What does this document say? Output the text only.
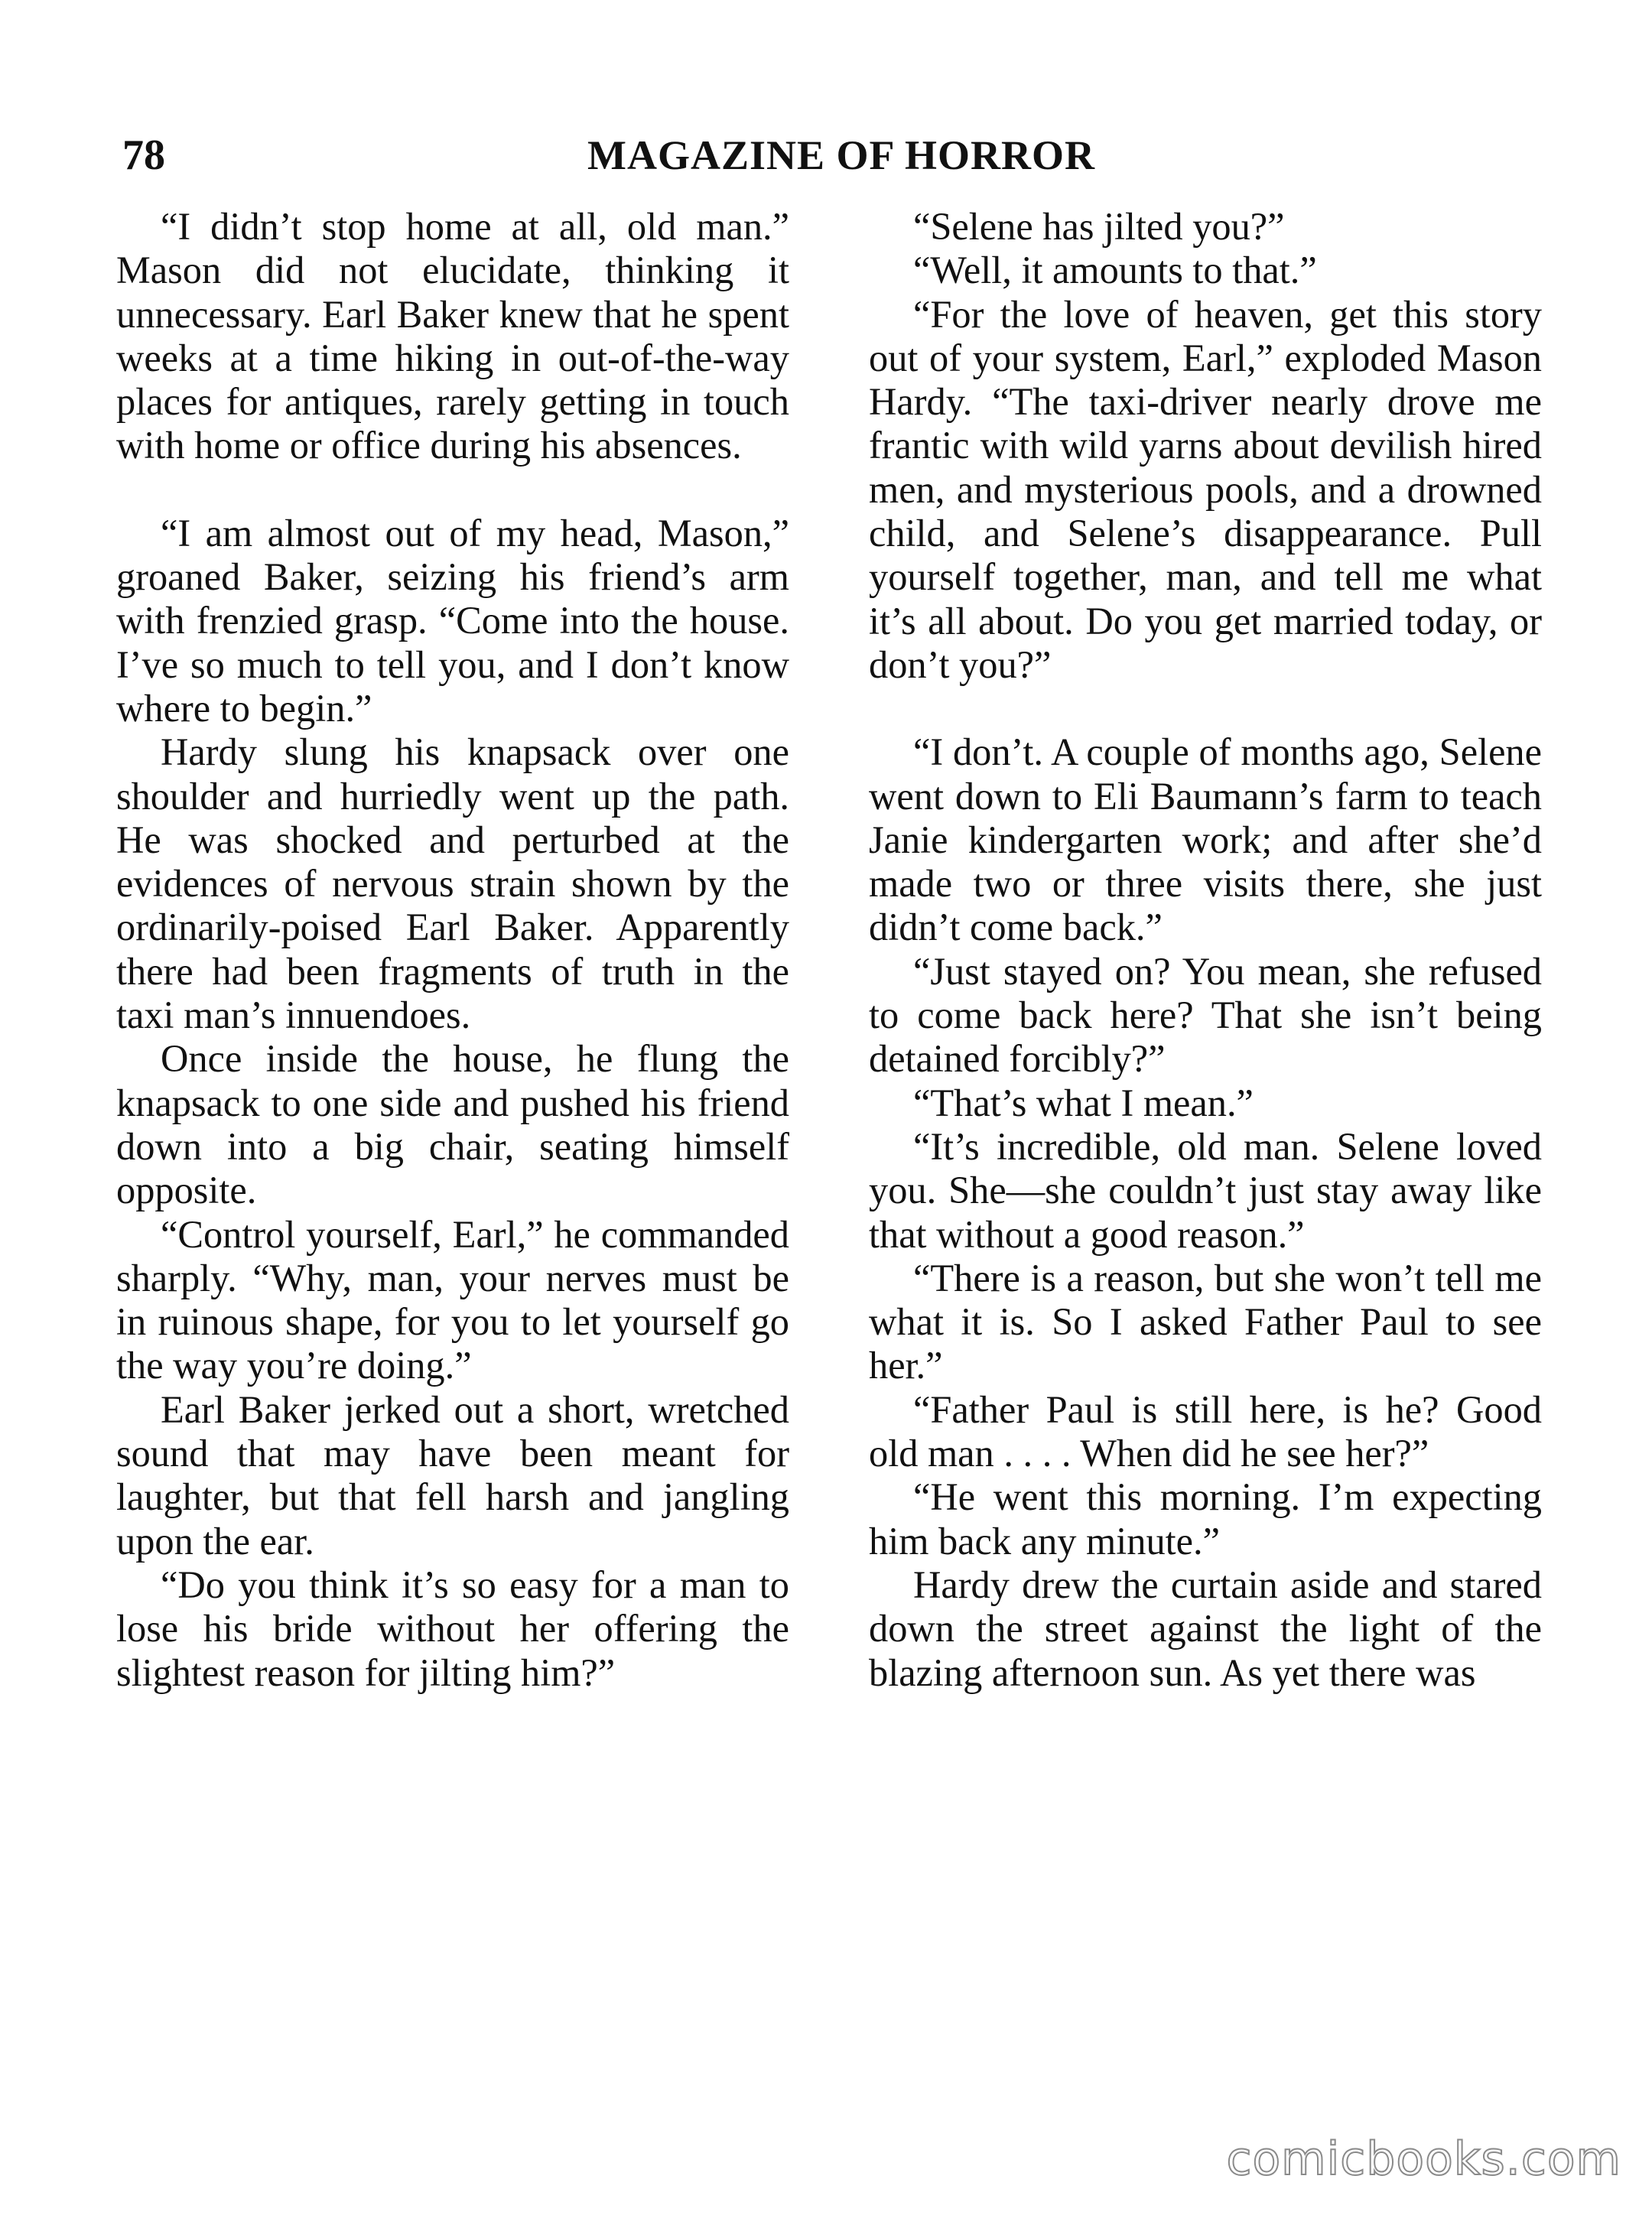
78	MAGAZINE OF HORROR

“I didn’t stop home at all, old man.” Mason did not elucidate, thinking it unnecessary. Earl Baker knew that he spent weeks at a time hiking in out-of-the-way places for antiques, rarely getting in touch with home or office during his absences.

“I am almost out of my head, Mason,” groaned Baker, seizing his friend’s arm with frenzied grasp. “Come into the house. I’ve so much to tell you, and I don’t know where to begin.”

Hardy slung his knapsack over one shoulder and hurriedly went up the path. He was shocked and perturbed at the evidences of nervous strain shown by the ordinarily-poised Earl Baker. Apparently there had been fragments of truth in the taxi man’s innuendoes.

Once inside the house, he flung the knapsack to one side and pushed his friend down into a big chair, seating himself opposite.

“Control yourself, Earl,” he commanded sharply. “Why, man, your nerves must be in ruinous shape, for you to let yourself go the way you’re doing.”

Earl Baker jerked out a short, wretched sound that may have been meant for laughter, but that fell harsh and jangling upon the ear.

“Do you think it’s so easy for a man to lose his bride without her offering the slightest reason for jilting him?”

“Selene has jilted you?”

“Well, it amounts to that.”

“For the love of heaven, get this story out of your system, Earl,” exploded Mason Hardy. “The taxi-driver nearly drove me frantic with wild yarns about devilish hired men, and mysterious pools, and a drowned child, and Selene’s disappearance. Pull yourself together, man, and tell me what it’s all about. Do you get married today, or don’t you?”

“I don’t. A couple of months ago, Selene went down to Eli Baumann’s farm to teach Janie kindergarten work; and after she’d made two or three visits there, she just didn’t come back.”

“Just stayed on? You mean, she refused to come back here? That she isn’t being detained forcibly?”

“That’s what I mean.”

“It’s incredible, old man. Selene loved you. She—she couldn’t just stay away like that without a good reason.”

“There is a reason, but she won’t tell me what it is. So I asked Father Paul to see her.”

“Father Paul is still here, is he? Good old man . . . . When did he see her?”

“He went this morning. I’m expecting him back any minute.”

Hardy drew the curtain aside and stared down the street against the light of the blazing afternoon sun. As yet there was

comicbooks.com
